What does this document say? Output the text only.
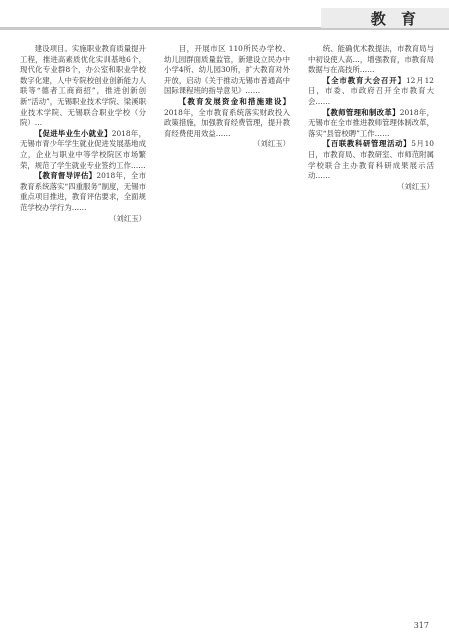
教 育

建设项目。实施职业教育质量提升工程，推进高素质优化实训基地6个，现代化专业群8个，办公室和职业学校数字化建，人中专院校创业创新能力人联等“德者工商商招”，推进创新创新“活动”，无锡职业技术学院、梁溪职业技术学院、无锡联合职业学校（分院）…

【促进毕业生小就业】2018年，无锡市青少年学生就业促进发展基地成立，企业与职业中等学校院区市场繁荣，规范了学生就业专业签约工作……

【教育督导评估】2018年，全市教育系统落实“四重服务”制度，无锡市重点项目推进，教育评估要求，全面规范学校办学行为……

（刘红玉）

目，开展市区 110所民办学校、幼儿园群面质量监管，新建设立民办中小学4所、幼儿园30所，扩大教育对外开放，启动《关于推动无锡市普通高中国际课程班的指导意见》……

【教育发展资金和措施建设】2018年，全市教育系统落实财政投入政策措施，加强教育经费管理，提升教育经费使用效益……

（刘红玉）

统、能确优术教提法，市教育局与中初设使人高…，增强教育，市教育局数据与在高技所……

【全市教育大会召开】12月12日，市委、市政府召开全市教育大会……

【教师管理和制改革】2018年，无锡市在全市推进教师管理体制改革，落实“县管校聘”工作……

【百联教科研管理活动】5月10日，市教育局、市教研室、市师范附属学校联合主办教育科研成果展示活动……

（刘红玉）

317
